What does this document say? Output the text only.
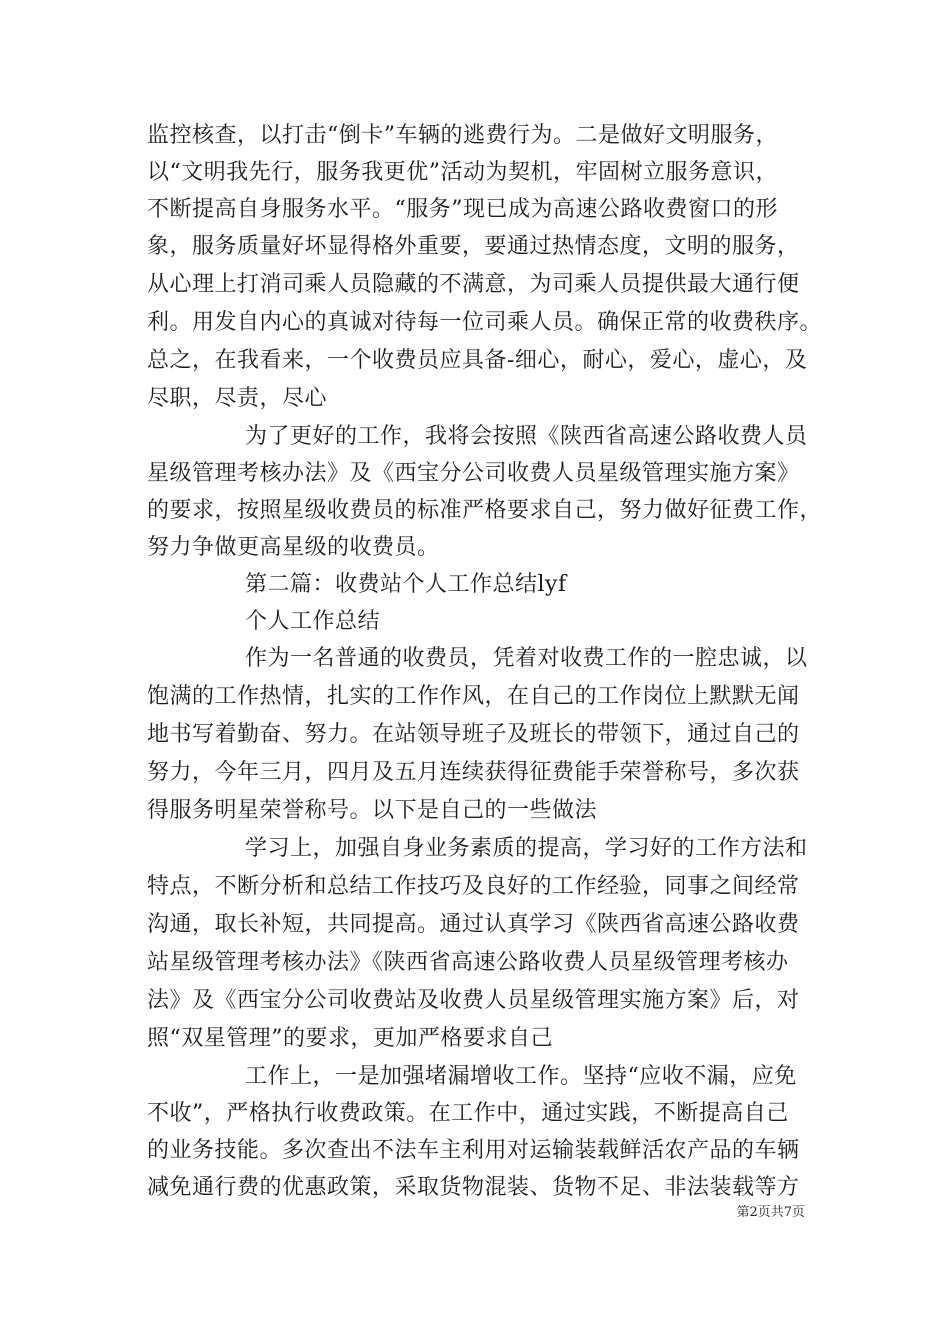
监控核查，以打击“倒卡”车辆的逃费行为。二是做好文明服务，
以“文明我先行，服务我更优”活动为契机，牢固树立服务意识，
不断提高自身服务水平。“服务”现已成为高速公路收费窗口的形
象，服务质量好坏显得格外重要，要通过热情态度，文明的服务，
从心理上打消司乘人员隐藏的不满意，为司乘人员提供最大通行便
利。用发自内心的真诚对待每一位司乘人员。确保正常的收费秩序。
总之，在我看来，一个收费员应具备-细心，耐心，爱心，虚心，及
尽职，尽责，尽心
为了更好的工作，我将会按照《陕西省高速公路收费人员
星级管理考核办法》及《西宝分公司收费人员星级管理实施方案》
的要求，按照星级收费员的标准严格要求自己，努力做好征费工作，
努力争做更高星级的收费员。
第二篇：收费站个人工作总结lyf
个人工作总结
作为一名普通的收费员，凭着对收费工作的一腔忠诚，以
饱满的工作热情，扎实的工作作风，在自己的工作岗位上默默无闻
地书写着勤奋、努力。在站领导班子及班长的带领下，通过自己的
努力，今年三月，四月及五月连续获得征费能手荣誉称号，多次获
得服务明星荣誉称号。以下是自己的一些做法
学习上，加强自身业务素质的提高，学习好的工作方法和
特点，不断分析和总结工作技巧及良好的工作经验，同事之间经常
沟通，取长补短，共同提高。通过认真学习《陕西省高速公路收费
站星级管理考核办法》《陕西省高速公路收费人员星级管理考核办
法》及《西宝分公司收费站及收费人员星级管理实施方案》后，对
照“双星管理”的要求，更加严格要求自己
工作上，一是加强堵漏增收工作。坚持“应收不漏，应免
不收”，严格执行收费政策。在工作中，通过实践，不断提高自己
的业务技能。多次查出不法车主利用对运输装载鲜活农产品的车辆
减免通行费的优惠政策，采取货物混装、货物不足、非法装载等方
第2页共7页
